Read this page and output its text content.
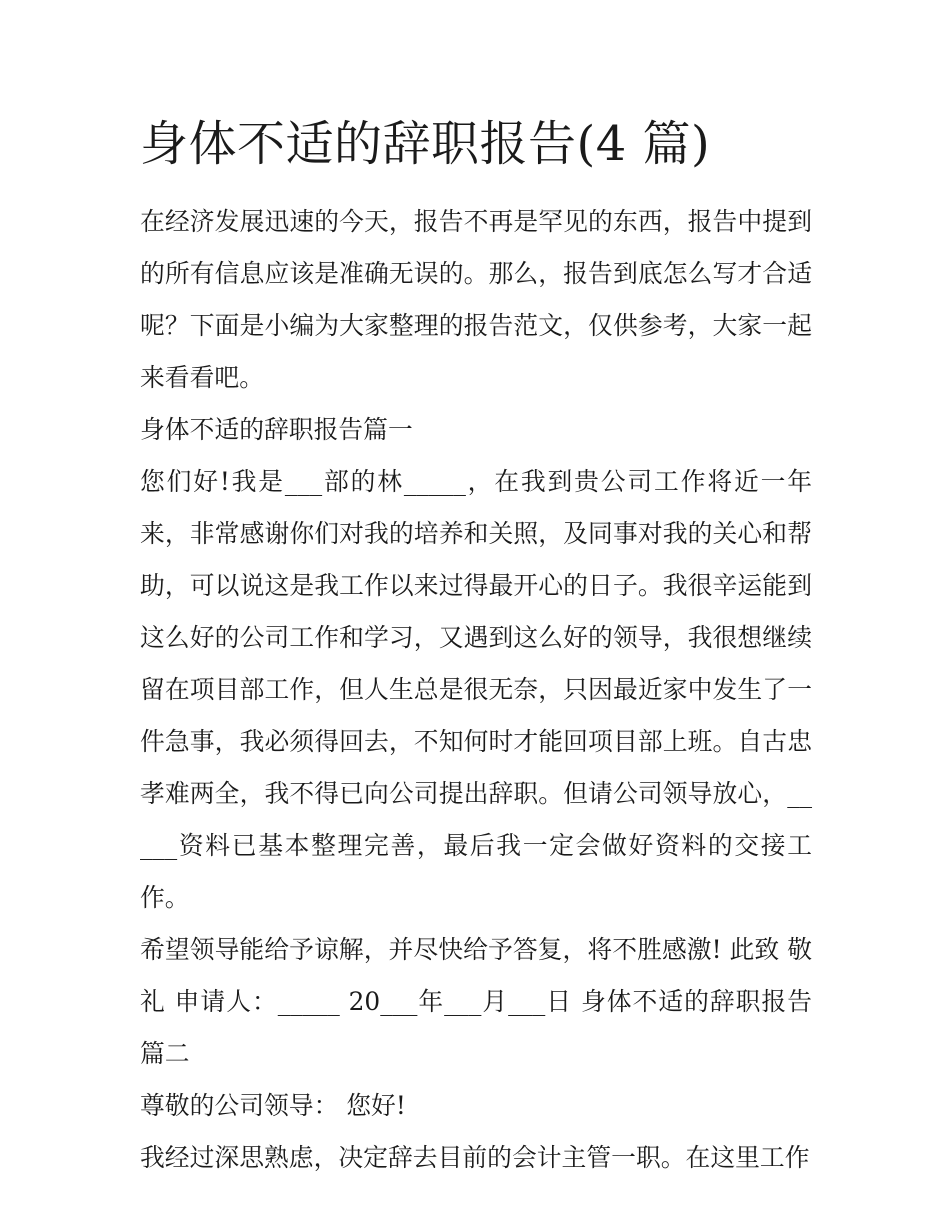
身体不适的辞职报告(4 篇)

在经济发展迅速的今天，报告不再是罕见的东西，报告中提到的所有信息应该是准确无误的。那么，报告到底怎么写才合适呢？下面是小编为大家整理的报告范文，仅供参考，大家一起来看看吧。

身体不适的辞职报告篇一

您们好!我是___部的林_____，在我到贵公司工作将近一年来，非常感谢你们对我的培养和关照，及同事对我的关心和帮助，可以说这是我工作以来过得最开心的日子。我很辛运能到这么好的公司工作和学习，又遇到这么好的领导，我很想继续留在项目部工作，但人生总是很无奈，只因最近家中发生了一件急事，我必须得回去，不知何时才能回项目部上班。自古忠孝难两全，我不得已向公司提出辞职。但请公司领导放心，_____资料已基本整理完善，最后我一定会做好资料的交接工作。

希望领导能给予谅解，并尽快给予答复，将不胜感激! 此致 敬礼 申请人：_____ 20___年___月___日 身体不适的辞职报告篇二

尊敬的公司领导： 您好!

我经过深思熟虑，决定辞去目前的会计主管一职。在这里工作
